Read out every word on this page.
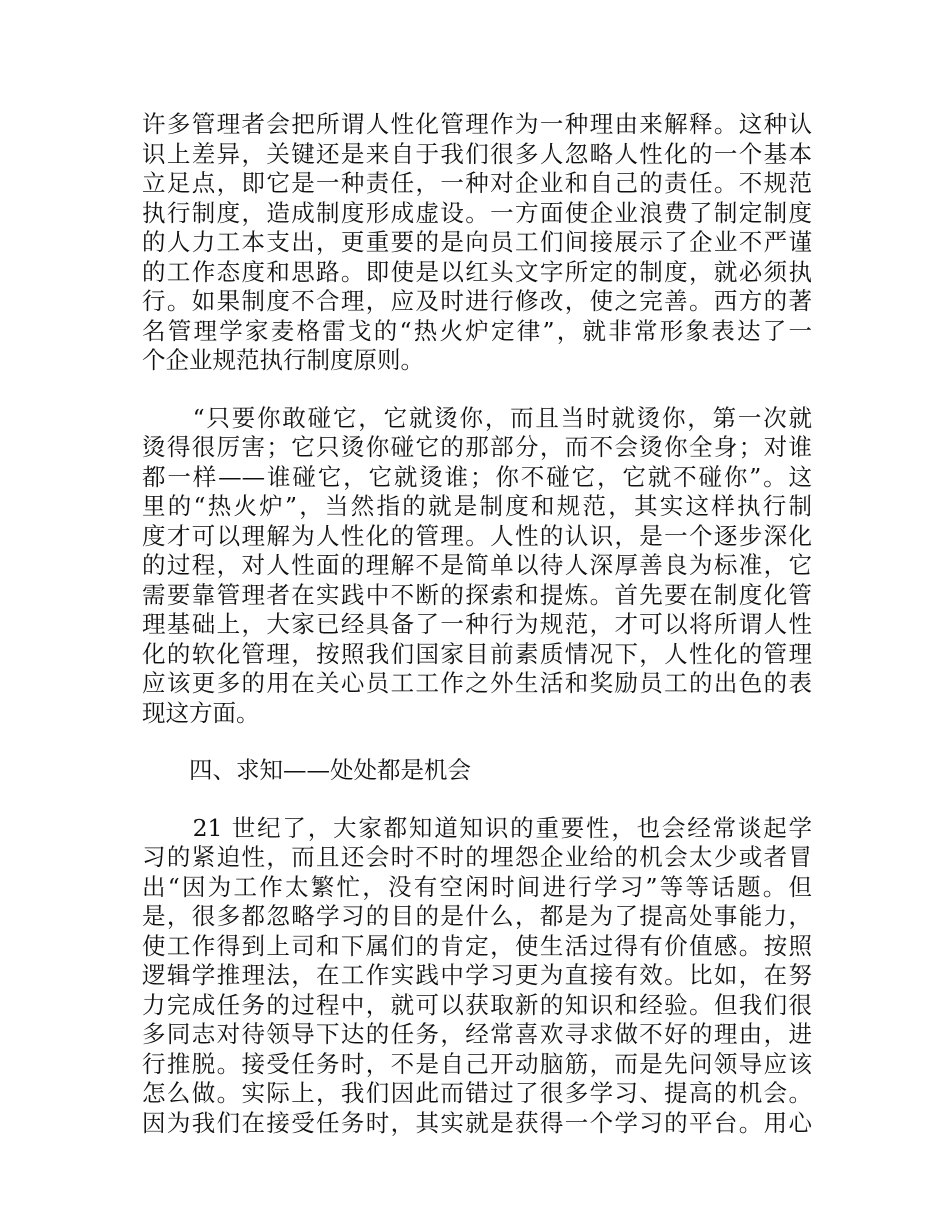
许多管理者会把所谓人性化管理作为一种理由来解释。这种认
识上差异，关键还是来自于我们很多人忽略人性化的一个基本
立足点，即它是一种责任，一种对企业和自己的责任。不规范
执行制度，造成制度形成虚设。一方面使企业浪费了制定制度
的人力工本支出，更重要的是向员工们间接展示了企业不严谨
的工作态度和思路。即使是以红头文字所定的制度，就必须执
行。如果制度不合理，应及时进行修改，使之完善。西方的著
名管理学家麦格雷戈的“热火炉定律”，就非常形象表达了一
个企业规范执行制度原则。
　　“只要你敢碰它，它就烫你，而且当时就烫你，第一次就
烫得很厉害；它只烫你碰它的那部分，而不会烫你全身；对谁
都一样——谁碰它，它就烫谁；你不碰它，它就不碰你”。这
里的“热火炉”，当然指的就是制度和规范，其实这样执行制
度才可以理解为人性化的管理。人性的认识，是一个逐步深化
的过程，对人性面的理解不是简单以待人深厚善良为标准，它
需要靠管理者在实践中不断的探索和提炼。首先要在制度化管
理基础上，大家已经具备了一种行为规范，才可以将所谓人性
化的软化管理，按照我们国家目前素质情况下，人性化的管理
应该更多的用在关心员工工作之外生活和奖励员工的出色的表
现这方面。
　　四、求知——处处都是机会
　　21 世纪了，大家都知道知识的重要性，也会经常谈起学
习的紧迫性，而且还会时不时的埋怨企业给的机会太少或者冒
出“因为工作太繁忙，没有空闲时间进行学习”等等话题。但
是，很多都忽略学习的目的是什么，都是为了提高处事能力，
使工作得到上司和下属们的肯定，使生活过得有价值感。按照
逻辑学推理法，在工作实践中学习更为直接有效。比如，在努
力完成任务的过程中，就可以获取新的知识和经验。但我们很
多同志对待领导下达的任务，经常喜欢寻求做不好的理由，进
行推脱。接受任务时，不是自己开动脑筋，而是先问领导应该
怎么做。实际上，我们因此而错过了很多学习、提高的机会。
因为我们在接受任务时，其实就是获得一个学习的平台。用心
